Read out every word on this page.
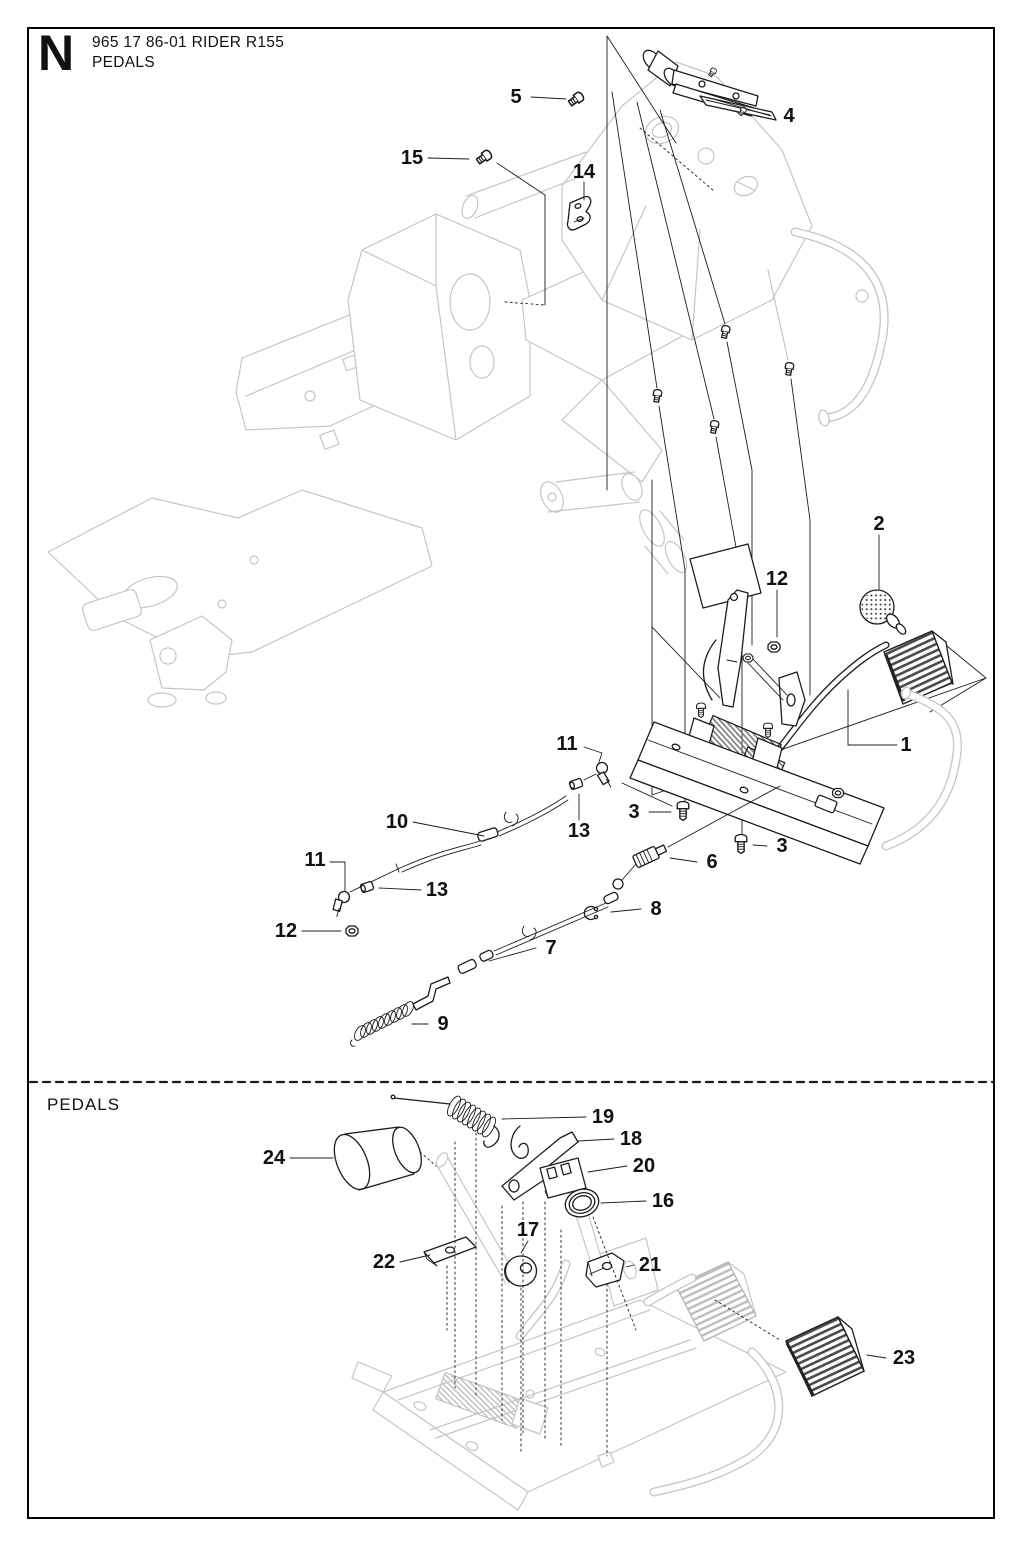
N 965 17 86-01 RIDER R155
PEDALS
PEDALS
5
4
15
14
2
12
1
11
3
13
10
11
13
12
3
6
8
7
9
24
19
18
20
16
17
22	21
23
